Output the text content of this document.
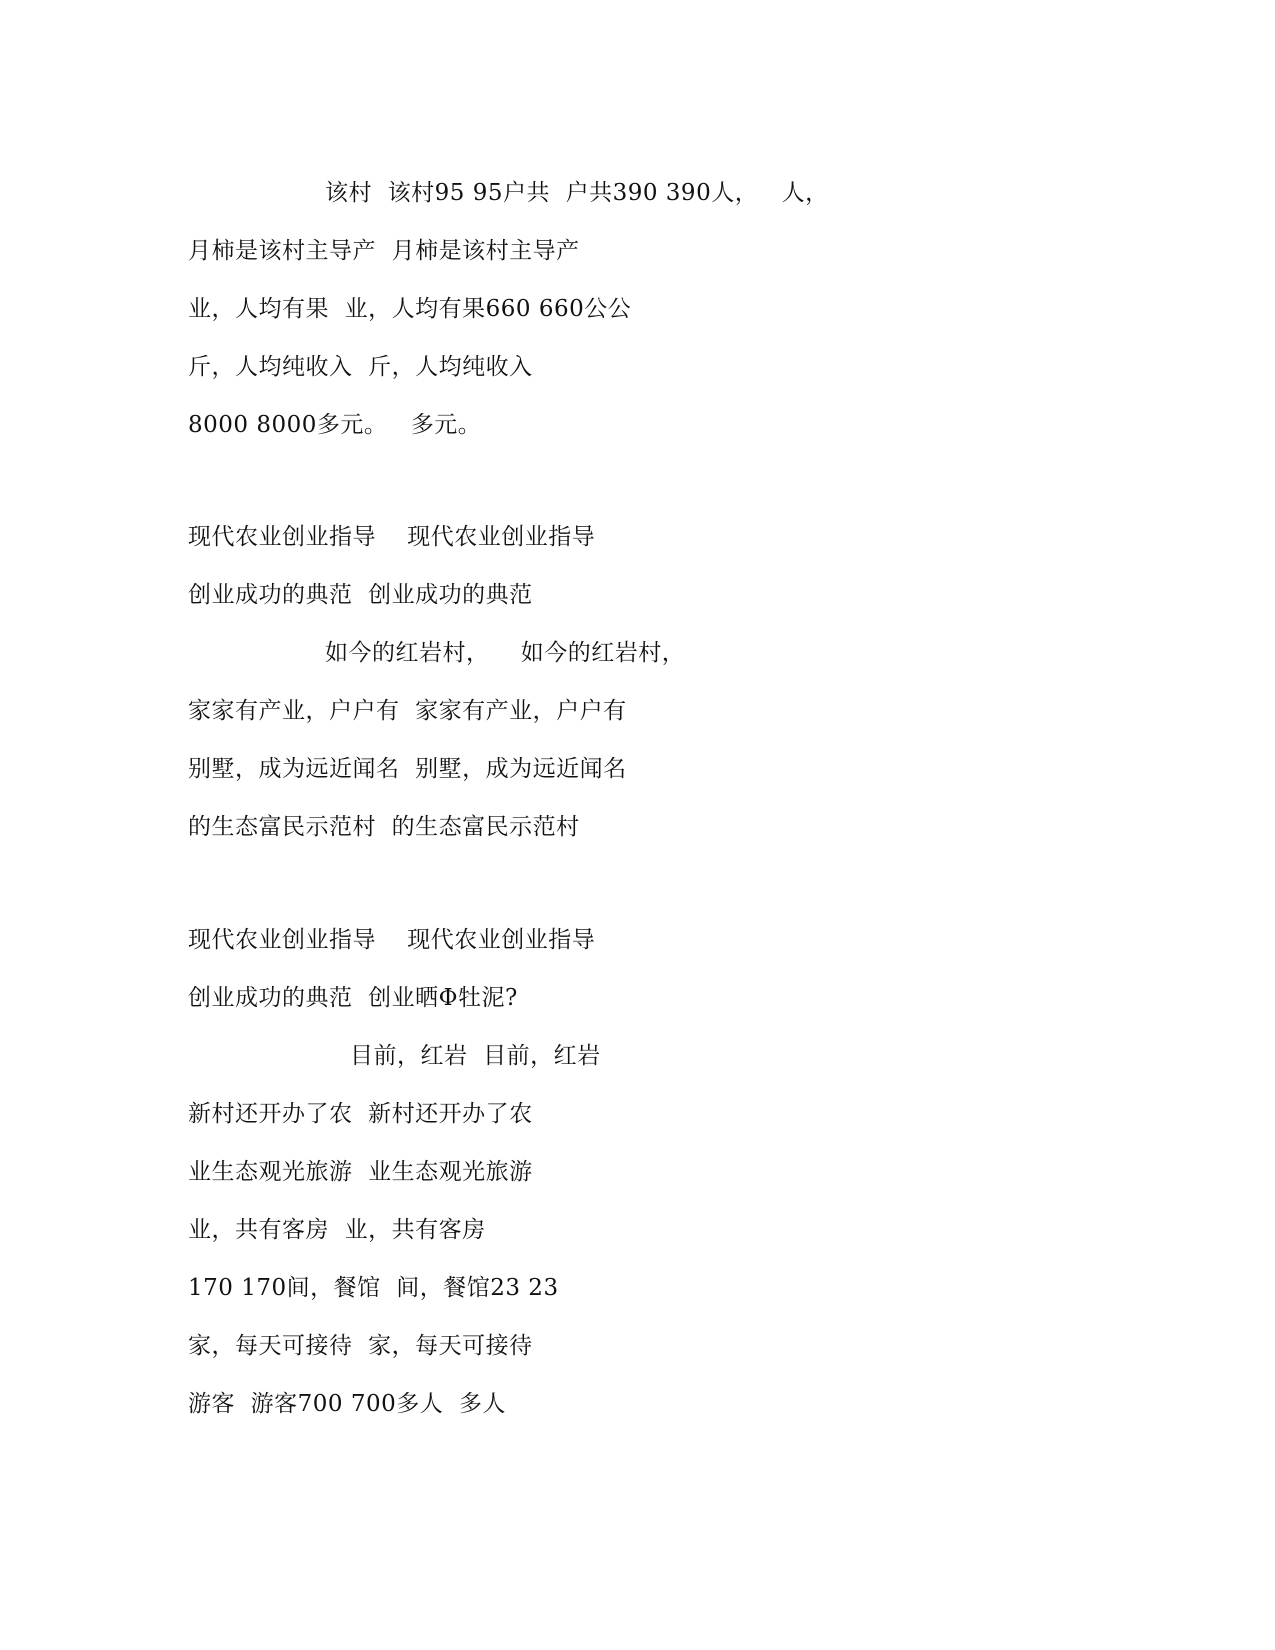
该村  该村95 95户共  户共390 390人，   人，
月柿是该村主导产  月柿是该村主导产
业，人均有果  业，人均有果660 660公公
斤，人均纯收入  斤，人均纯收入
8000 8000多元。   多元。
现代农业创业指导    现代农业创业指导
创业成功的典范  创业成功的典范
如今的红岩村，    如今的红岩村，
家家有产业，户户有  家家有产业，户户有
别墅，成为远近闻名  别墅，成为远近闻名
的生态富民示范村  的生态富民示范村
现代农业创业指导    现代农业创业指导
创业成功的典范  创业晒Φ牡泥?
目前，红岩  目前，红岩
新村还开办了农  新村还开办了农
业生态观光旅游  业生态观光旅游
业，共有客房  业，共有客房
170 170间，餐馆  间，餐馆23 23
家，每天可接待  家，每天可接待
游客  游客700 700多人  多人
